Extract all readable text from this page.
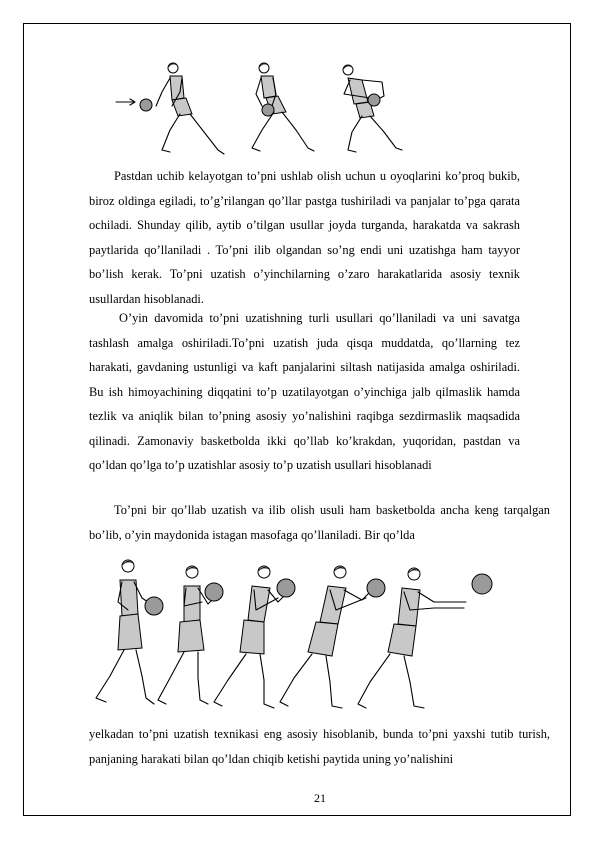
Pastdan uchib kelayotgan to’pni ushlab olish uchun u oyoqlarini ko’proq bukib, biroz oldinga egiladi, to’g’rilangan qo’llar pastga tushiriladi va panjalar to’pga qarata ochiladi. Shunday qilib, aytib o’tilgan usullar joyda turganda, harakatda va sakrash paytlarida qo’llaniladi . To’pni ilib olgandan so’ng endi uni uzatishga ham tayyor bo’lish kerak. To’pni uzatish o’yinchilarning o’zaro harakatlarida asosiy texnik usullardan hisoblanadi.

O’yin davomida to’pni uzatishning turli usullari qo’llaniladi va uni savatga tashlash amalga oshiriladi.To’pni uzatish juda qisqa muddatda, qo’llarning tez harakati, gavdaning ustunligi va kaft panjalarini siltash natijasida amalga oshiriladi. Bu ish himoyachining diqqatini to’p uzatilayotgan o’yinchiga jalb qilmaslik hamda tezlik va aniqlik bilan to’pning asosiy yo’nalishini raqibga sezdirmaslik maqsadida qilinadi. Zamonaviy basketbolda ikki qo’llab ko’krakdan, yuqoridan, pastdan va qo’ldan qo’lga to’p uzatishlar asosiy to’p uzatish usullari hisoblanadi

To’pni bir qo’llab uzatish va ilib olish usuli ham basketbolda ancha keng tarqalgan bo’lib, o’yin maydonida istagan masofaga qo’llaniladi. Bir qo’lda

yelkadan to’pni uzatish texnikasi eng asosiy hisoblanib, bunda to’pni yaxshi tutib turish, panjaning harakati bilan qo’ldan chiqib ketishi paytida uning yo’nalishini

21
